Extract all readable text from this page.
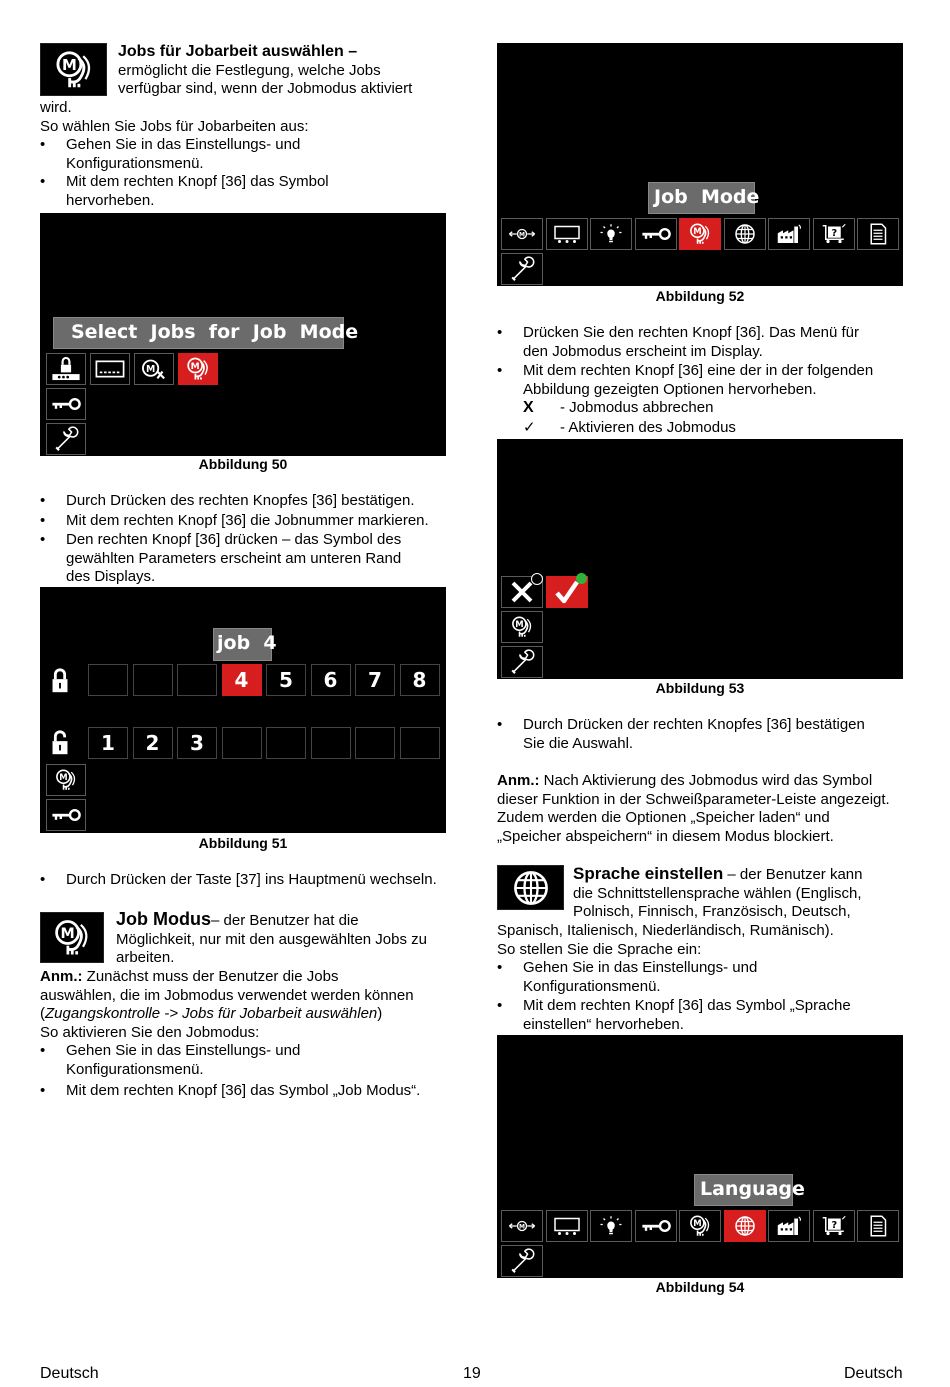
Jobs für Jobarbeit auswählen –
ermöglicht die Festlegung, welche Jobs
verfügbar sind, wenn der Jobmodus aktiviert
wird.
So wählen Sie Jobs für Jobarbeiten aus:
• Gehen Sie in das Einstellungs- und
Konfigurationsmenü.
• Mit dem rechten Knopf [36] das Symbol
hervorheben.
Select  Jobs  for  Job  Mode
Abbildung 50
• Durch Drücken des rechten Knopfes [36] bestätigen.
• Mit dem rechten Knopf [36] die Jobnummer markieren.
• Den rechten Knopf [36] drücken – das Symbol des
gewählten Parameters erscheint am unteren Rand
des Displays.
job  4
4	5	6	7	8
1	2	3
Abbildung 51
• Durch Drücken der Taste [37] ins Hauptmenü wechseln.
Job Modus– der Benutzer hat die
Möglichkeit, nur mit den ausgewählten Jobs zu
arbeiten.
Anm.: Zunächst muss der Benutzer die Jobs
auswählen, die im Jobmodus verwendet werden können
(Zugangskontrolle -> Jobs für Jobarbeit auswählen)
So aktivieren Sie den Jobmodus:
• Gehen Sie in das Einstellungs- und
Konfigurationsmenü.
• Mit dem rechten Knopf [36] das Symbol „Job Modus“.
Job  Mode
Abbildung 52
• Drücken Sie den rechten Knopf [36]. Das Menü für
den Jobmodus erscheint im Display.
• Mit dem rechten Knopf [36] eine der in der folgenden
Abbildung gezeigten Optionen hervorheben.
X - Jobmodus abbrechen
✓ - Aktivieren des Jobmodus
Abbildung 53
• Durch Drücken der rechten Knopfes [36] bestätigen
Sie die Auswahl.
Anm.: Nach Aktivierung des Jobmodus wird das Symbol
dieser Funktion in der Schweißparameter-Leiste angezeigt.
Zudem werden die Optionen „Speicher laden“ und
„Speicher abspeichern“ in diesem Modus blockiert.
Sprache einstellen – der Benutzer kann
die Schnittstellensprache wählen (Englisch,
Polnisch, Finnisch, Französisch, Deutsch,
Spanisch, Italienisch, Niederländisch, Rumänisch).
So stellen Sie die Sprache ein:
• Gehen Sie in das Einstellungs- und
Konfigurationsmenü.
• Mit dem rechten Knopf [36] das Symbol „Sprache
einstellen“ hervorheben.
Language
Abbildung 54
Deutsch	19	Deutsch
